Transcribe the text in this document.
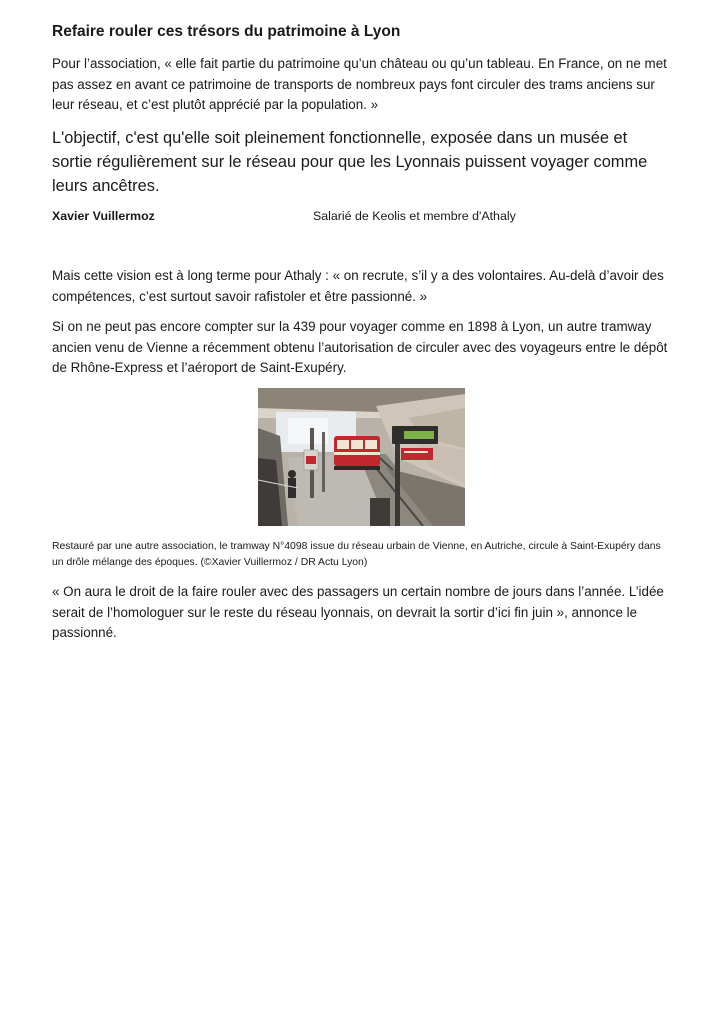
Refaire rouler ces trésors du patrimoine à Lyon
Pour l’association, « elle fait partie du patrimoine qu’un château ou qu’un tableau. En France, on ne met pas assez en avant ce patrimoine de transports de nombreux pays font circuler des trams anciens sur leur réseau, et c’est plutôt apprécié par la population. »
L'objectif, c'est qu'elle soit pleinement fonctionnelle, exposée dans un musée et sortie régulièrement sur le réseau pour que les Lyonnais puissent voyager comme leurs ancêtres.
Xavier Vuillermoz	Salarié de Keolis et membre d'Athaly
Mais cette vision est à long terme pour Athaly : « on recrute, s’il y a des volontaires. Au-delà d’avoir des compétences, c’est surtout savoir rafistoler et être passionné. »
Si on ne peut pas encore compter sur la 439 pour voyager comme en 1898 à Lyon, un autre tramway ancien venu de Vienne a récemment obtenu l’autorisation de circuler avec des voyageurs entre le dépôt de Rhône-Express et l’aéroport de Saint-Exupéry.
Restauré par une autre association, le tramway N°4098 issue du réseau urbain de Vienne, en Autriche, circule à Saint-Exupéry dans un drôle mélange des époques. (©Xavier Vuillermoz / DR Actu Lyon)
« On aura le droit de la faire rouler avec des passagers un certain nombre de jours dans l’année. L’idée serait de l’homologuer sur le reste du réseau lyonnais, on devrait la sortir d’ici fin juin », annonce le passionné.
